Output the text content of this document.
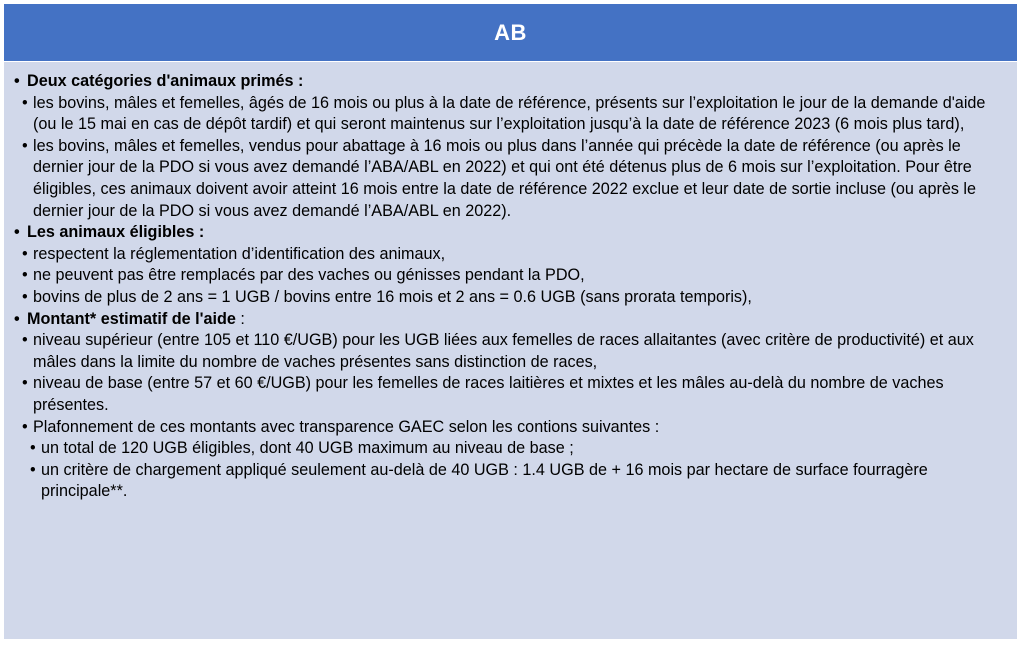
AB

• Deux catégories d'animaux primés :

• les bovins, mâles et femelles, âgés de 16 mois ou plus à la date de référence, présents sur l’exploitation le jour de la demande d'aide (ou le 15 mai en cas de dépôt tardif) et qui seront maintenus sur l’exploitation jusqu’à la date de référence 2023 (6 mois plus tard),

• les bovins, mâles et femelles, vendus pour abattage à 16 mois ou plus dans l’année qui précède la date de référence (ou après le dernier jour de la PDO si vous avez demandé l’ABA/ABL en 2022) et qui ont été détenus plus de 6 mois sur l’exploitation. Pour être éligibles, ces animaux doivent avoir atteint 16 mois entre la date de référence 2022 exclue et leur date de sortie incluse (ou après le dernier jour de la PDO si vous avez demandé l’ABA/ABL en 2022).

• Les animaux éligibles :

• respectent la réglementation d’identification des animaux,

• ne peuvent pas être remplacés par des vaches ou génisses pendant la PDO,

• bovins de plus de 2 ans = 1 UGB / bovins entre 16 mois et 2 ans = 0.6 UGB (sans prorata temporis),

• Montant* estimatif de l'aide :

• niveau supérieur (entre 105 et 110 €/UGB) pour les UGB liées aux femelles de races allaitantes (avec critère de productivité) et aux mâles dans la limite du nombre de vaches présentes sans distinction de races,

• niveau de base (entre 57 et 60 €/UGB) pour les femelles de races laitières et mixtes et les mâles au-delà du nombre de vaches présentes.

• Plafonnement de ces montants avec transparence GAEC selon les contions suivantes :

• un total de 120 UGB éligibles, dont 40 UGB maximum au niveau de base ;

• un critère de chargement appliqué seulement au-delà de 40 UGB : 1.4 UGB de + 16 mois par hectare de surface fourragère principale**.
